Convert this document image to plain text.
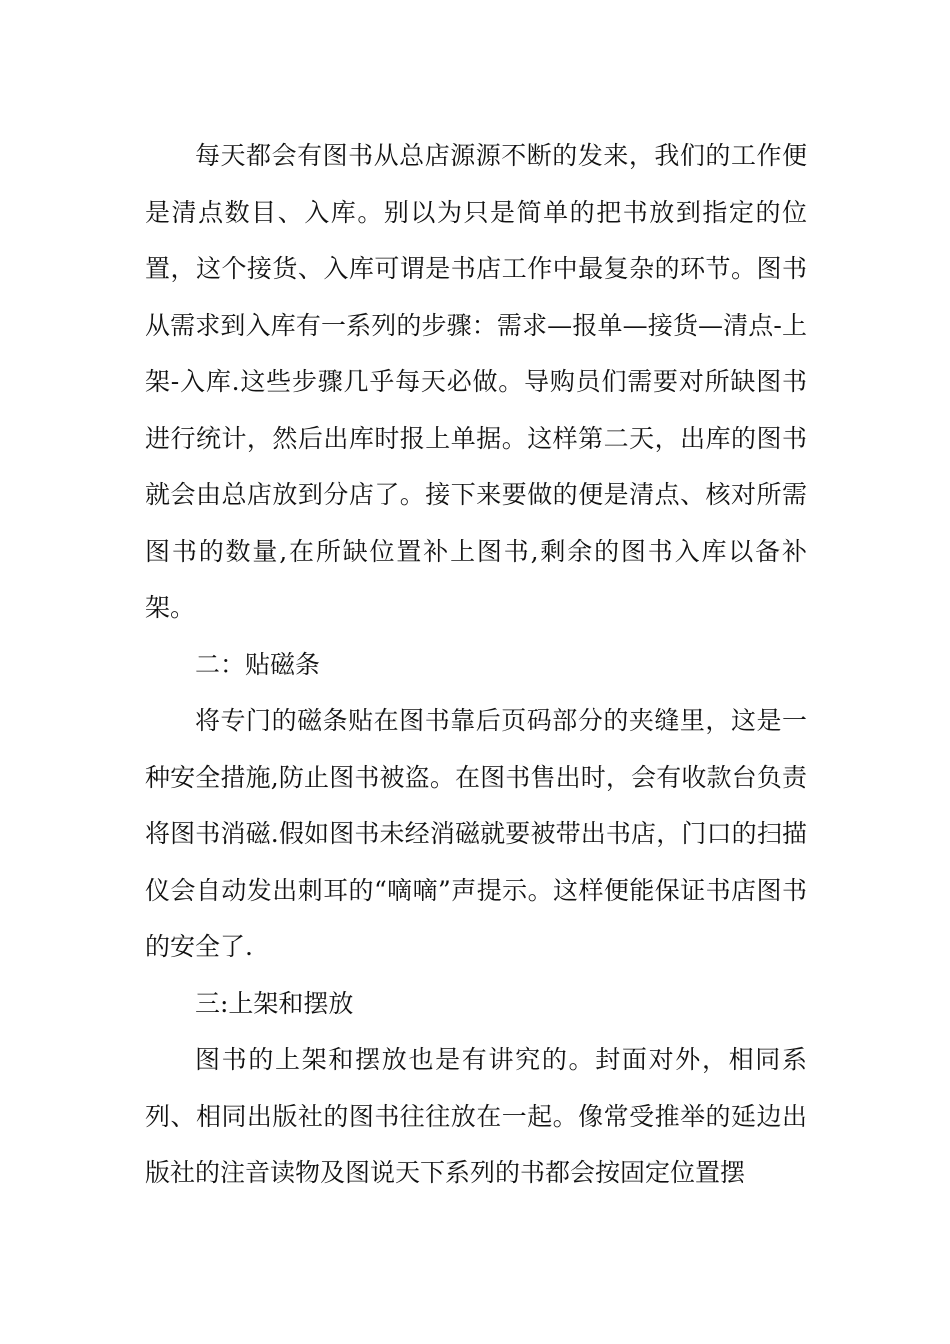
每天都会有图书从总店源源不断的发来，我们的工作便是清点数目、入库。别以为只是简单的把书放到指定的位置，这个接货、入库可谓是书店工作中最复杂的环节。图书从需求到入库有一系列的步骤：需求—报单—接货—清点-上架-入库.这些步骤几乎每天必做。导购员们需要对所缺图书进行统计，然后出库时报上单据。这样第二天，出库的图书就会由总店放到分店了。接下来要做的便是清点、核对所需图书的数量,在所缺位置补上图书,剩余的图书入库以备补架。

二：贴磁条

将专门的磁条贴在图书靠后页码部分的夹缝里，这是一种安全措施,防止图书被盗。在图书售出时，会有收款台负责将图书消磁.假如图书未经消磁就要被带出书店，门口的扫描仪会自动发出刺耳的“嘀嘀”声提示。这样便能保证书店图书的安全了.

三:上架和摆放

图书的上架和摆放也是有讲究的。封面对外，相同系列、相同出版社的图书往往放在一起。像常受推举的延边出版社的注音读物及图说天下系列的书都会按固定位置摆
